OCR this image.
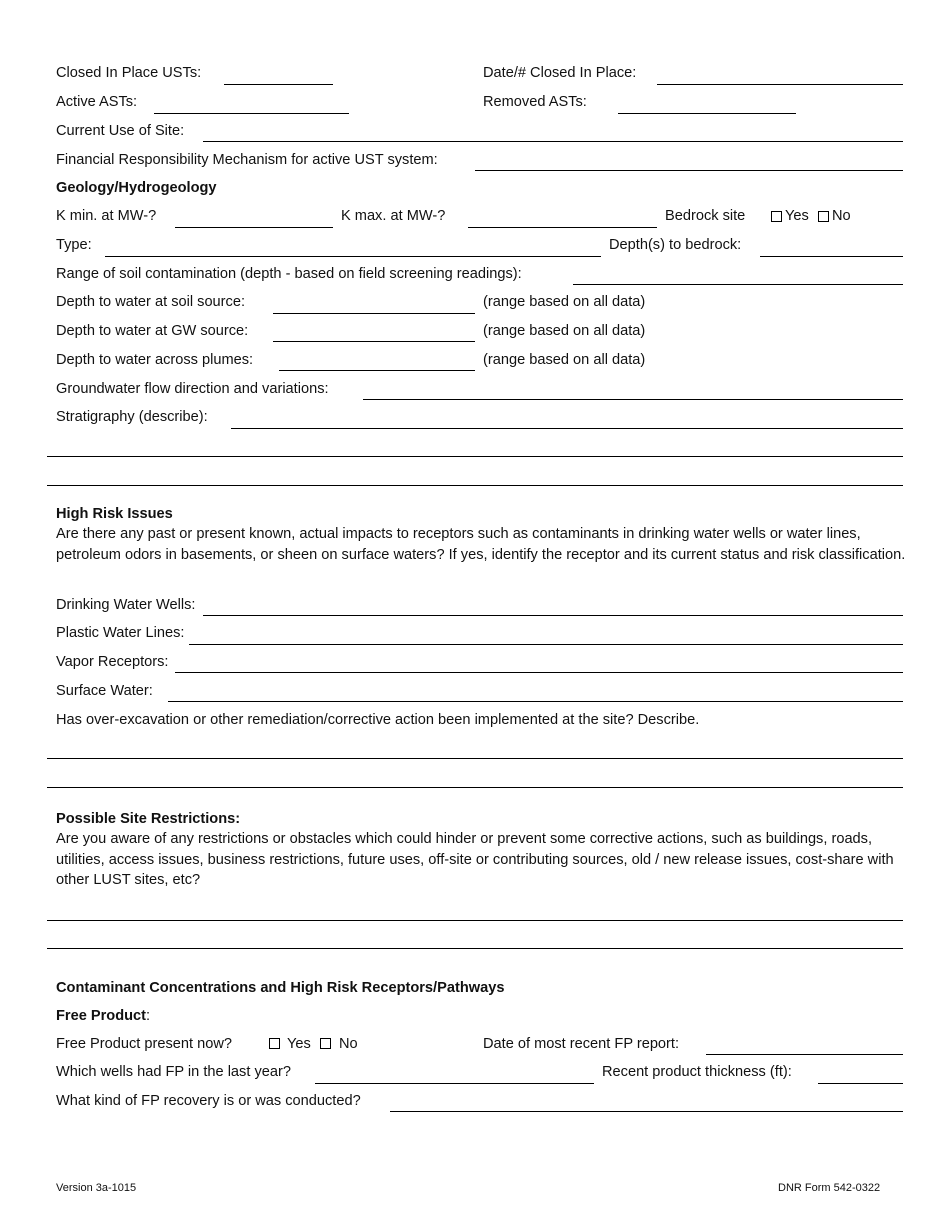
Closed In Place USTs:	Date/# Closed In Place:
Active ASTs:	Removed ASTs:
Current Use of Site:
Financial Responsibility Mechanism for active UST system:
Geology/Hydrogeology
K min. at MW-?	K max. at MW-?	Bedrock site	Yes No
Type:	Depth(s) to bedrock:
Range of soil contamination (depth - based on field screening readings):
Depth to water at soil source:	(range based on all data)
Depth to water at GW source:	(range based on all data)
Depth to water across plumes:	(range based on all data)
Groundwater flow direction and variations:
Stratigraphy (describe):
High Risk Issues
Are there any past or present known, actual impacts to receptors such as contaminants in drinking water wells or water lines, petroleum odors in basements, or sheen on surface waters? If yes, identify the receptor and its current status and risk classification.
Drinking Water Wells:
Plastic Water Lines:
Vapor Receptors:
Surface Water:
Has over-excavation or other remediation/corrective action been implemented at the site? Describe.
Possible Site Restrictions:
Are you aware of any restrictions or obstacles which could hinder or prevent some corrective actions, such as buildings, roads, utilities, access issues, business restrictions, future uses, off-site or contributing sources, old / new release issues, cost-share with other LUST sites, etc?
Contaminant Concentrations and High Risk Receptors/Pathways
Free Product:
Free Product present now?	Yes No	Date of most recent FP report:
Which wells had FP in the last year?	Recent product thickness (ft):
What kind of FP recovery is or was conducted?
Version 3a-1015	DNR Form 542-0322
